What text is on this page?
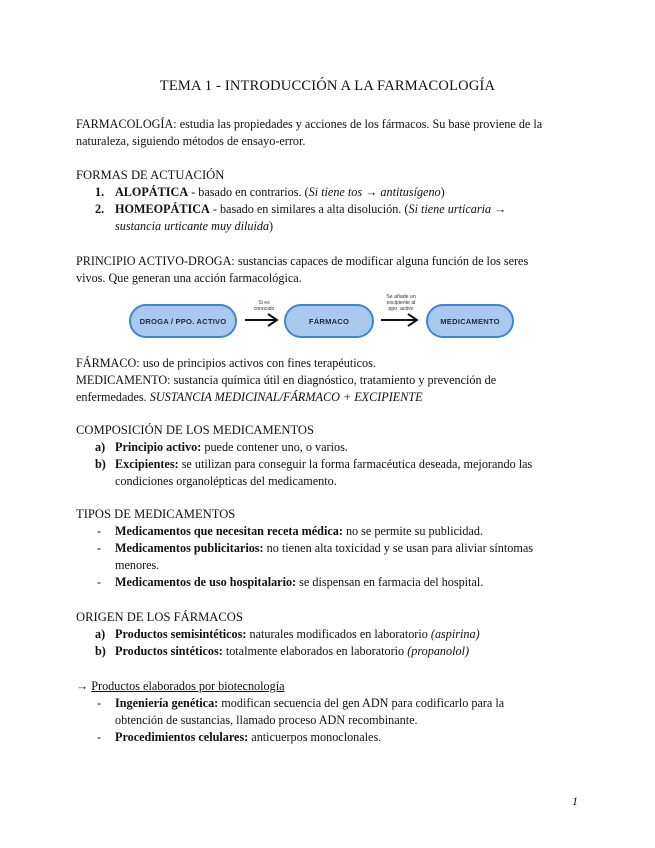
TEMA 1 - INTRODUCCIÓN A LA FARMACOLOGÍA
FARMACOLOGÍA: estudia las propiedades y acciones de los fármacos. Su base proviene de la
naturaleza, siguiendo métodos de ensayo-error.
FORMAS DE ACTUACIÓN
1. ALOPÁTICA - basado en contrarios. (Si tiene tos → antitusígeno)
2. HOMEOPÁTICA - basado en similares a alta disolución. (Si tiene urticaria →
sustancia urticante muy diluida)
PRINCIPIO ACTIVO-DROGA: sustancias capaces de modificar alguna función de los seres
vivos. Que generan una acción farmacológica.
DROGA / PPO. ACTIVO
Si es
conocido
FÁRMACO
Se añade un
excipiente al
ppo. activo
MEDICAMENTO
FÁRMACO: uso de principios activos con fines terapéuticos.
MEDICAMENTO: sustancia química útil en diagnóstico, tratamiento y prevención de
enfermedades. SUSTANCIA MEDICINAL/FÁRMACO + EXCIPIENTE
COMPOSICIÓN DE LOS MEDICAMENTOS
a) Principio activo: puede contener uno, o varios.
b) Excipientes: se utilizan para conseguir la forma farmacéutica deseada, mejorando las
condiciones organolépticas del medicamento.
TIPOS DE MEDICAMENTOS
- Medicamentos que necesitan receta médica: no se permite su publicidad.
- Medicamentos publicitarios: no tienen alta toxicidad y se usan para aliviar síntomas
menores.
- Medicamentos de uso hospitalario: se dispensan en farmacia del hospital.
ORIGEN DE LOS FÁRMACOS
a) Productos semisintéticos: naturales modificados en laboratorio (aspirina)
b) Productos sintéticos: totalmente elaborados en laboratorio (propanolol)
→ Productos elaborados por biotecnología
- Ingeniería genética: modifican secuencia del gen ADN para codificarlo para la
obtención de sustancias, llamado proceso ADN recombinante.
- Procedimientos celulares: anticuerpos monoclonales.
1
